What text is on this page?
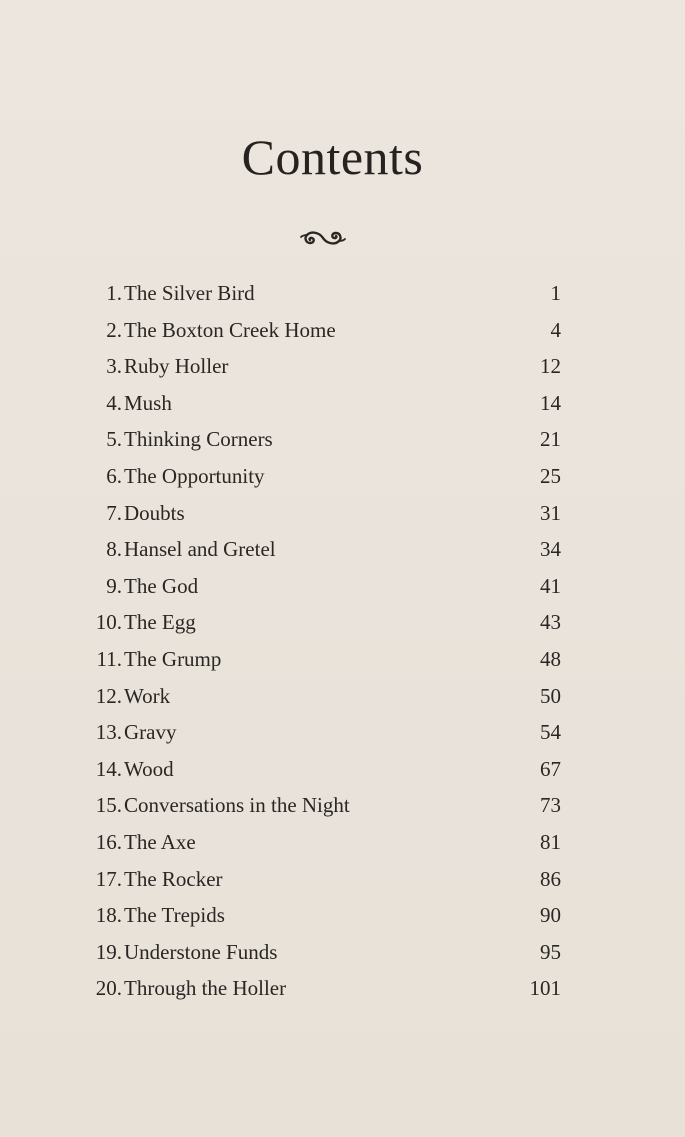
Contents
1. The Silver Bird	1
2. The Boxton Creek Home	4
3. Ruby Holler	12
4. Mush	14
5. Thinking Corners	21
6. The Opportunity	25
7. Doubts	31
8. Hansel and Gretel	34
9. The God	41
10. The Egg	43
11. The Grump	48
12. Work	50
13. Gravy	54
14. Wood	67
15. Conversations in the Night	73
16. The Axe	81
17. The Rocker	86
18. The Trepids	90
19. Understone Funds	95
20. Through the Holler	101
